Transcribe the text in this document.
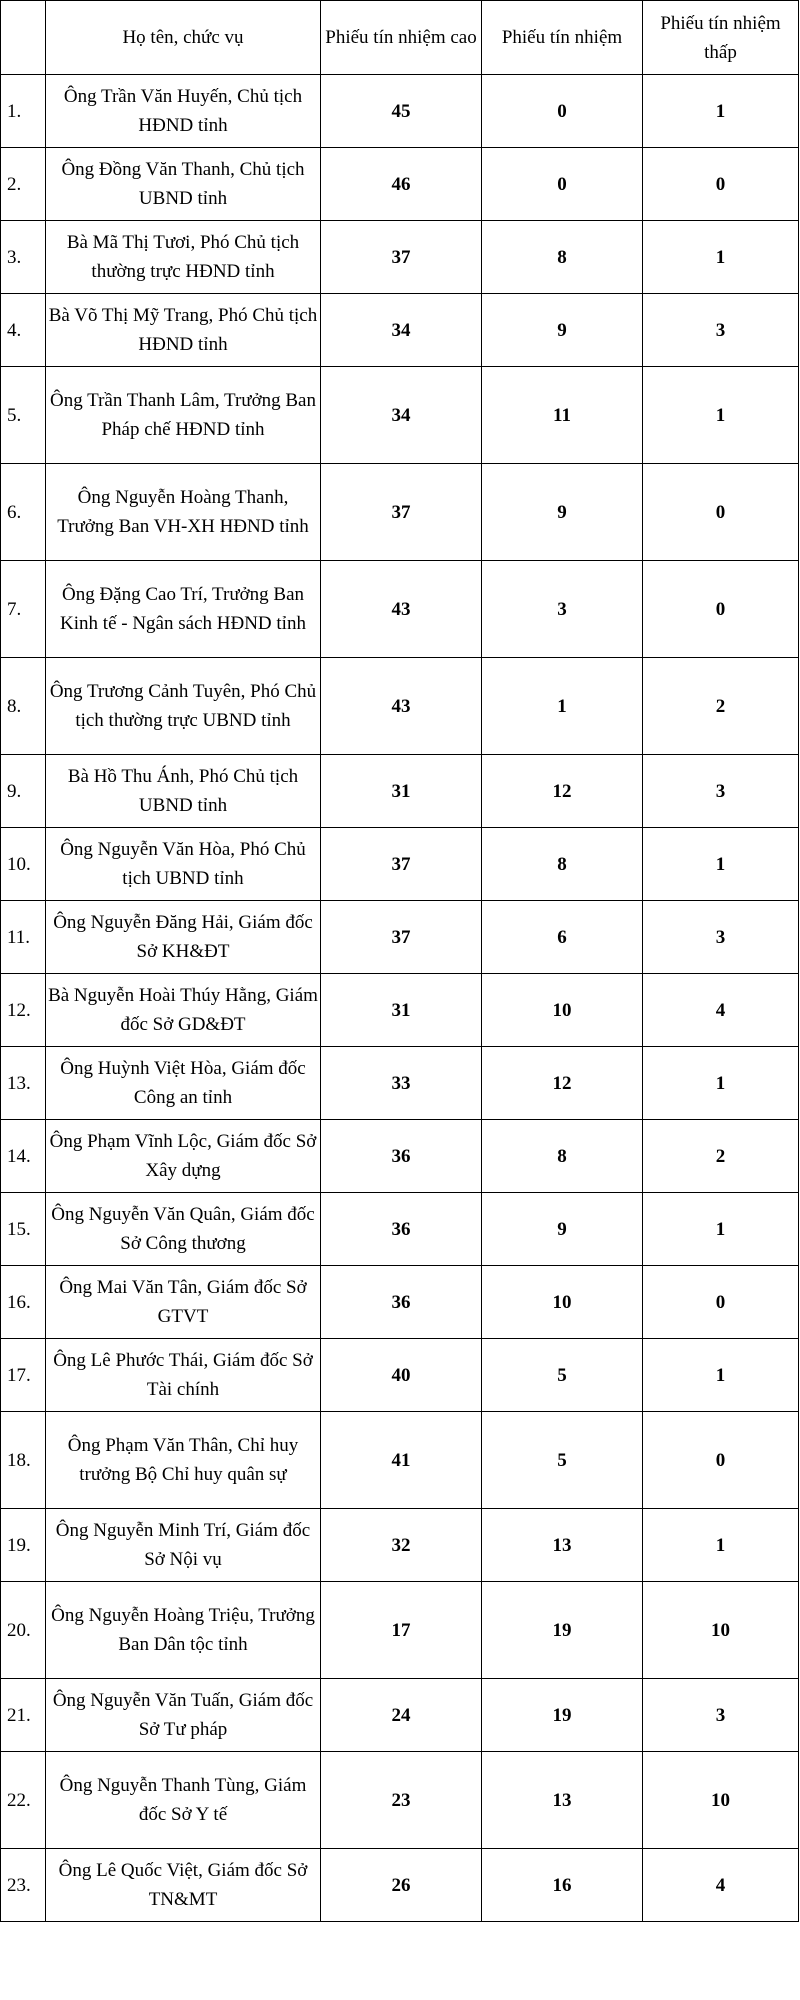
	Họ tên, chức vụ	Phiếu tín nhiệm cao	Phiếu tín nhiệm	Phiếu tín nhiệm thấp
1.	Ông Trần Văn Huyến, Chủ tịch HĐND tỉnh	45	0	1
2.	Ông Đồng Văn Thanh, Chủ tịch UBND tỉnh	46	0	0
3.	Bà Mã Thị Tươi, Phó Chủ tịch thường trực HĐND tỉnh	37	8	1
4.	Bà Võ Thị Mỹ Trang, Phó Chủ tịch HĐND tỉnh	34	9	3
5.	Ông Trần Thanh Lâm, Trưởng Ban Pháp chế HĐND tỉnh	34	11	1
6.	Ông Nguyễn Hoàng Thanh, Trưởng Ban VH-XH HĐND tỉnh	37	9	0
7.	Ông Đặng Cao Trí, Trưởng Ban Kinh tế - Ngân sách HĐND tỉnh	43	3	0
8.	Ông Trương Cảnh Tuyên, Phó Chủ tịch thường trực UBND tỉnh	43	1	2
9.	Bà Hồ Thu Ánh, Phó Chủ tịch UBND tỉnh	31	12	3
10.	Ông Nguyễn Văn Hòa, Phó Chủ tịch UBND tỉnh	37	8	1
11.	Ông Nguyễn Đăng Hải, Giám đốc Sở KH&ĐT	37	6	3
12.	Bà Nguyễn Hoài Thúy Hằng, Giám đốc Sở GD&ĐT	31	10	4
13.	Ông Huỳnh Việt Hòa, Giám đốc Công an tỉnh	33	12	1
14.	Ông Phạm Vĩnh Lộc, Giám đốc Sở Xây dựng	36	8	2
15.	Ông Nguyễn Văn Quân, Giám đốc Sở Công thương	36	9	1
16.	Ông Mai Văn Tân, Giám đốc Sở GTVT	36	10	0
17.	Ông Lê Phước Thái, Giám đốc Sở Tài chính	40	5	1
18.	Ông Phạm Văn Thân, Chỉ huy trưởng Bộ Chỉ huy quân sự	41	5	0
19.	Ông Nguyễn Minh Trí, Giám đốc Sở Nội vụ	32	13	1
20.	Ông Nguyễn Hoàng Triệu, Trưởng Ban Dân tộc tỉnh	17	19	10
21.	Ông Nguyễn Văn Tuấn, Giám đốc Sở Tư pháp	24	19	3
22.	Ông Nguyễn Thanh Tùng, Giám đốc Sở Y tế	23	13	10
23.	Ông Lê Quốc Việt, Giám đốc Sở TN&MT	26	16	4
